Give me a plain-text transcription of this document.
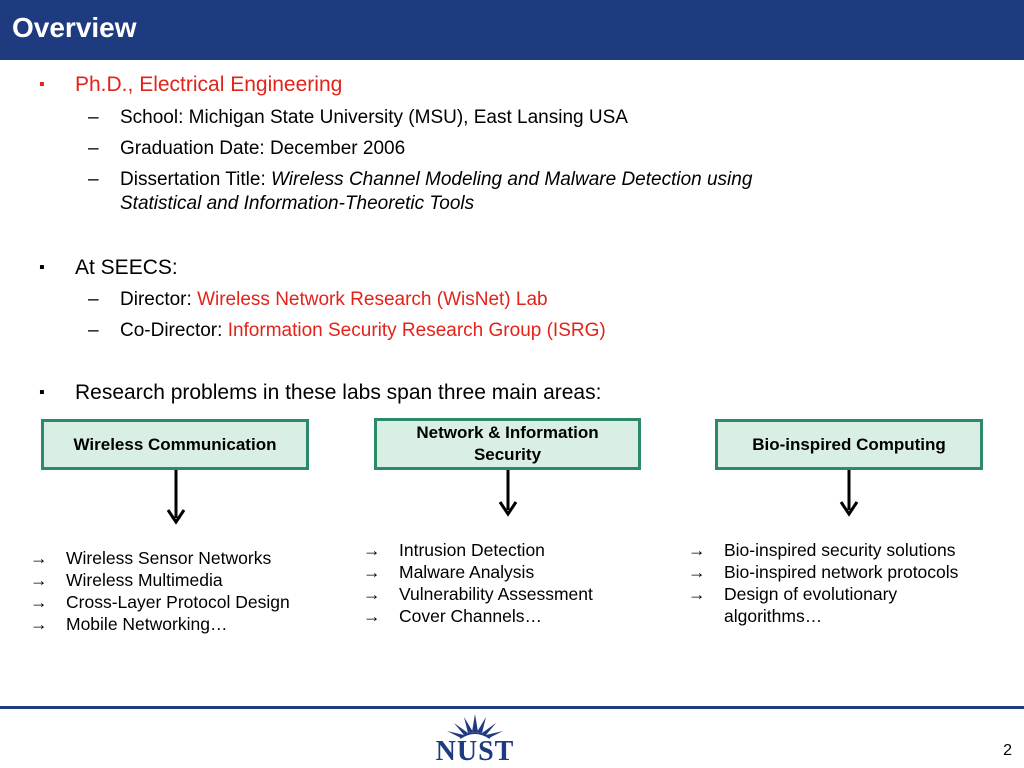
Overview
▪ Ph.D., Electrical Engineering
– School: Michigan State University (MSU), East Lansing USA
– Graduation Date: December 2006
– Dissertation Title: Wireless Channel Modeling and Malware Detection using
Statistical and Information-Theoretic Tools
▪ At SEECS:
– Director: Wireless Network Research (WisNet) Lab
– Co-Director: Information Security Research Group (ISRG)
▪ Research problems in these labs span three main areas:
Wireless Communication
Network & Information
Security
Bio-inspired Computing
→ Wireless Sensor Networks
→ Wireless Multimedia
→ Cross-Layer Protocol Design
→ Mobile Networking…
→ Intrusion Detection
→ Malware Analysis
→ Vulnerability Assessment
→ Cover Channels…
→ Bio-inspired security solutions
→ Bio-inspired network protocols
→ Design of evolutionary
algorithms…
NUST	2
